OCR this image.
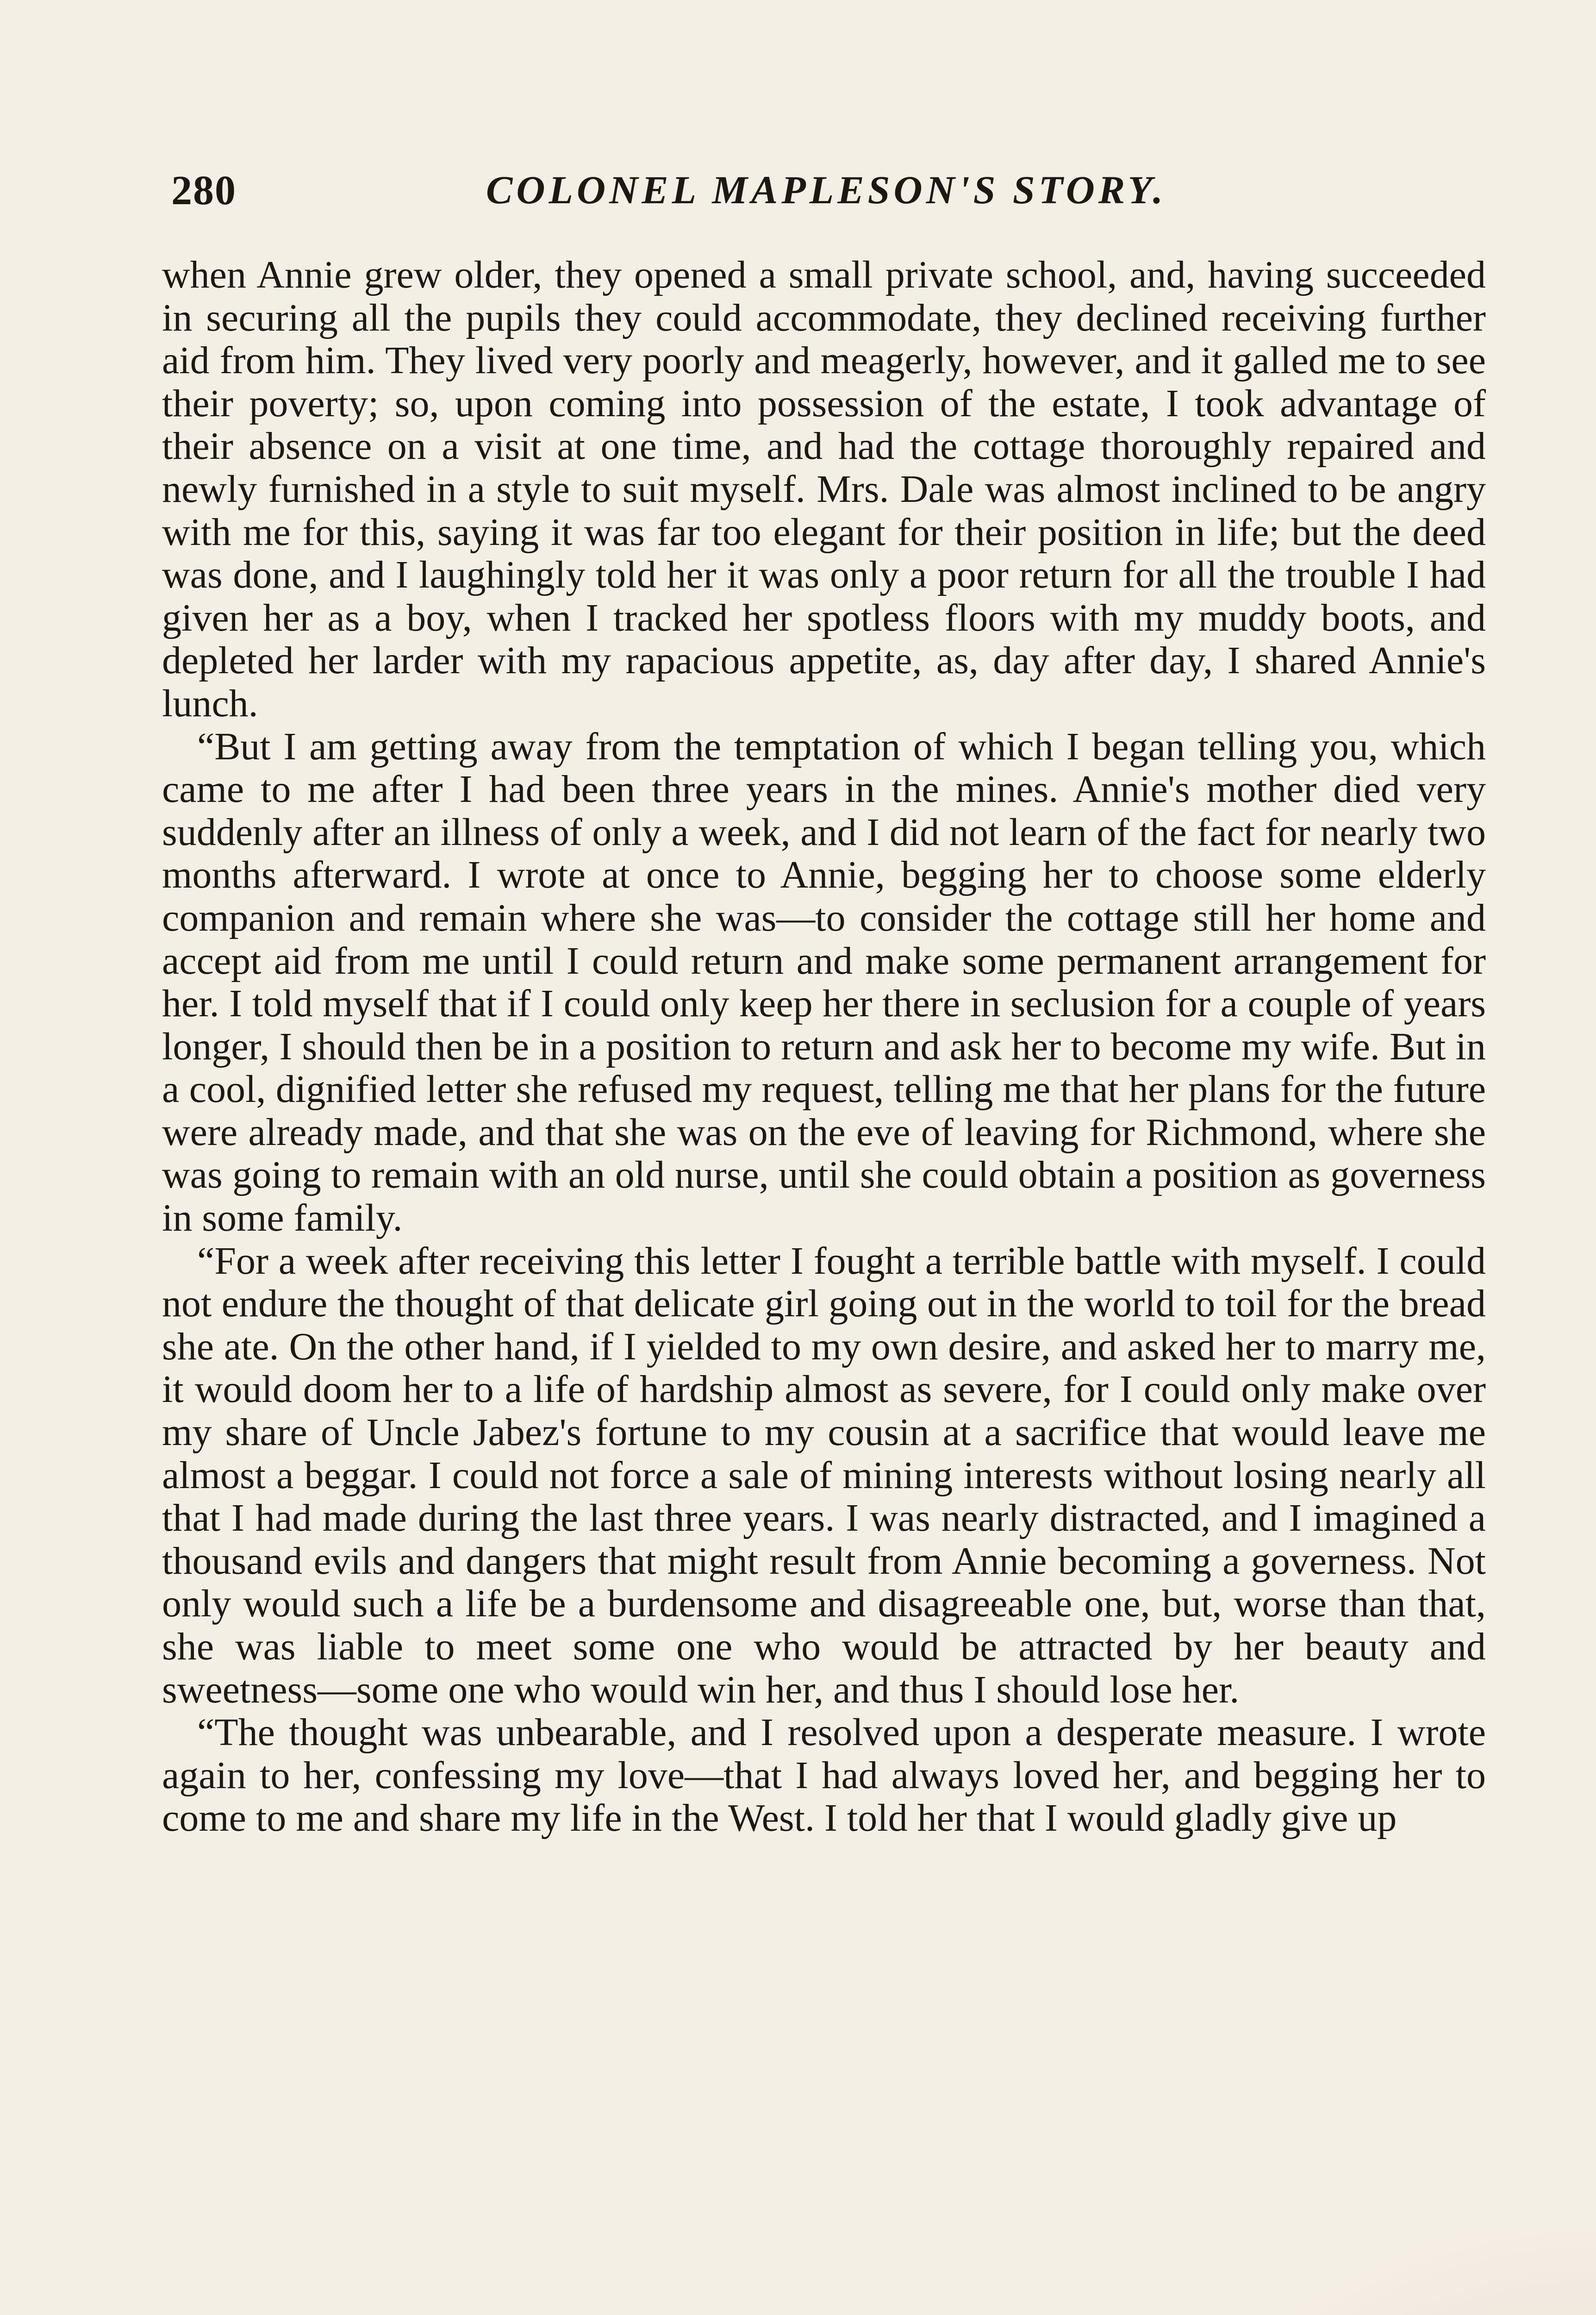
280	COLONEL MAPLESON'S STORY.

when Annie grew older, they opened a small private school, and, having succeeded in securing all the pupils they could accommodate, they declined receiving further aid from him. They lived very poorly and meagerly, however, and it galled me to see their poverty; so, upon coming into possession of the estate, I took advantage of their absence on a visit at one time, and had the cottage thoroughly repaired and newly furnished in a style to suit myself. Mrs. Dale was almost inclined to be angry with me for this, saying it was far too elegant for their position in life; but the deed was done, and I laughingly told her it was only a poor return for all the trouble I had given her as a boy, when I tracked her spotless floors with my muddy boots, and depleted her larder with my rapacious appetite, as, day after day, I shared Annie's lunch.

“But I am getting away from the temptation of which I began telling you, which came to me after I had been three years in the mines. Annie's mother died very suddenly after an illness of only a week, and I did not learn of the fact for nearly two months afterward. I wrote at once to Annie, begging her to choose some elderly companion and remain where she was—to consider the cottage still her home and accept aid from me until I could return and make some permanent arrangement for her. I told myself that if I could only keep her there in seclusion for a couple of years longer, I should then be in a position to return and ask her to become my wife. But in a cool, dignified letter she refused my request, telling me that her plans for the future were already made, and that she was on the eve of leaving for Richmond, where she was going to remain with an old nurse, until she could obtain a position as governess in some family.

“For a week after receiving this letter I fought a terrible battle with myself. I could not endure the thought of that delicate girl going out in the world to toil for the bread she ate. On the other hand, if I yielded to my own desire, and asked her to marry me, it would doom her to a life of hardship almost as severe, for I could only make over my share of Uncle Jabez's fortune to my cousin at a sacrifice that would leave me almost a beggar. I could not force a sale of mining interests without losing nearly all that I had made during the last three years. I was nearly distracted, and I imagined a thousand evils and dangers that might result from Annie becoming a governess. Not only would such a life be a burdensome and disagreeable one, but, worse than that, she was liable to meet some one who would be attracted by her beauty and sweetness—some one who would win her, and thus I should lose her.

“The thought was unbearable, and I resolved upon a desperate measure. I wrote again to her, confessing my love—that I had always loved her, and begging her to come to me and share my life in the West. I told her that I would gladly give up
